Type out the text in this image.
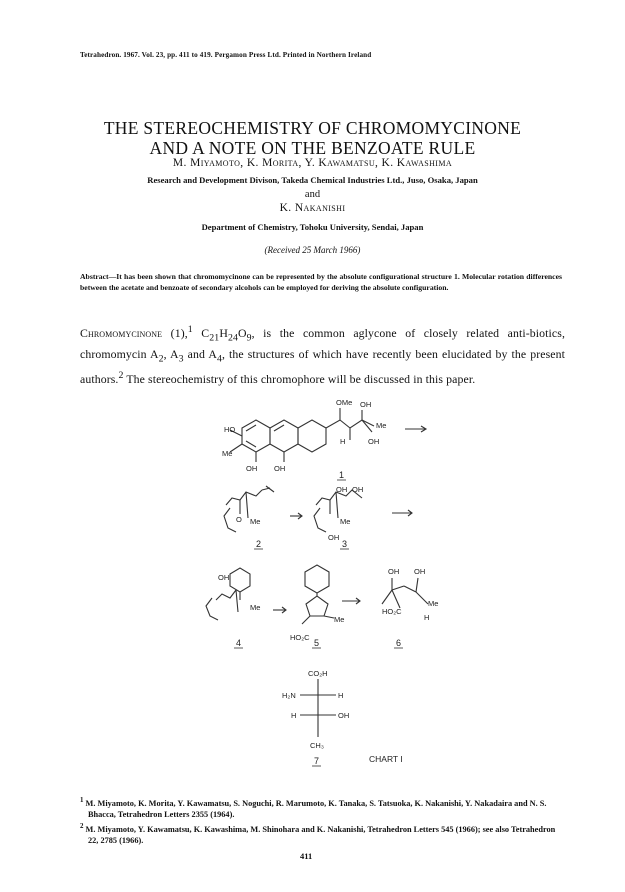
Tetrahedron. 1967. Vol. 23, pp. 411 to 419. Pergamon Press Ltd. Printed in Northern Ireland
THE STEREOCHEMISTRY OF CHROMOMYCINONE
AND A NOTE ON THE BENZOATE RULE
M. Miyamoto, K. Morita, Y. Kawamatsu, K. Kawashima
Research and Development Divison, Takeda Chemical Industries Ltd., Juso, Osaka, Japan
and
K. Nakanishi
Department of Chemistry, Tohoku University, Sendai, Japan
(Received 25 March 1966)
Abstract—It has been shown that chromomycinone can be represented by the absolute configurational structure 1. Molecular rotation differences between the acetate and benzoate of secondary alcohols can be employed for deriving the absolute configuration.
Chromomycinone (1),$^1$ $C_{21}H_{24}O_9$, is the common aglycone of closely related anti-biotics, chromomycin $A_2$, $A_3$ and $A_4$, the structures of which have recently been elucidated by the present authors.$^2$ The stereochemistry of this chromophore will be discussed in this paper.
HO
Me
OMe OH
OH
H
Me
OH OH
Me
O	Me
OH OH
OH
Me
OH
HO₂C
Me
OH OH
Me
HO₂C
H
CO₂H
H₂N	H
H	OH
CH₃
1
2	3
4	5	6
7	CHART I
$^1$ M. Miyamoto, K. Morita, Y. Kawamatsu, S. Noguchi, R. Marumoto, K. Tanaka, S. Tatsuoka, K. Nakanishi, Y. Nakadaira and N. S. Bhacca, Tetrahedron Letters 2355 (1964).
$^2$ M. Miyamoto, Y. Kawamatsu, K. Kawashima, M. Shinohara and K. Nakanishi, Tetrahedron Letters 545 (1966); see also Tetrahedron 22, 2785 (1966).
411
